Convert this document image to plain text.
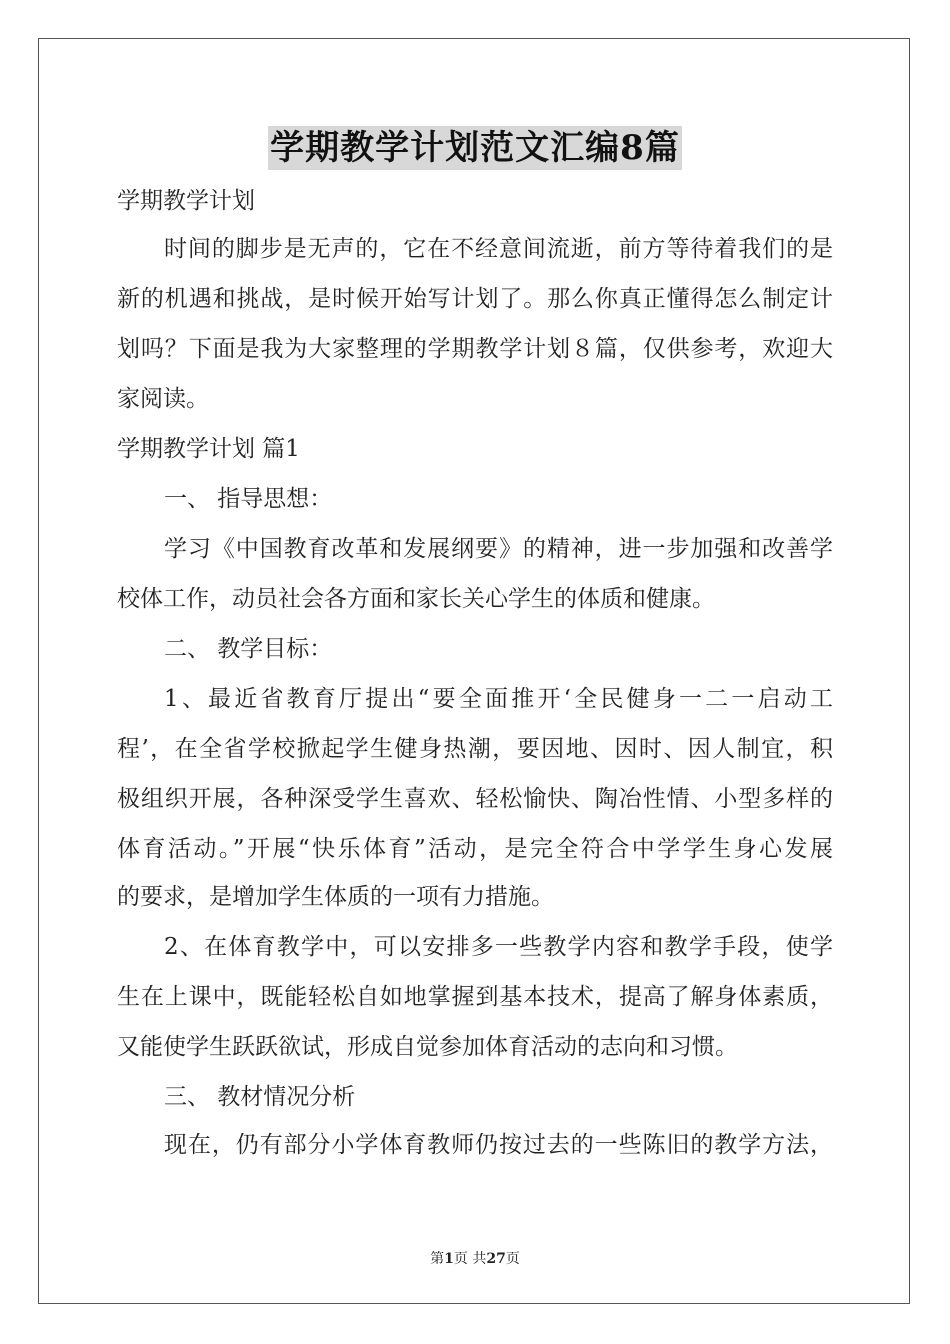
学期教学计划范文汇编8篇
学期教学计划
时间的脚步是无声的，它在不经意间流逝，前方等待着我们的是
新的机遇和挑战，是时候开始写计划了。那么你真正懂得怎么制定计
划吗？下面是我为大家整理的学期教学计划８篇，仅供参考，欢迎大
家阅读。
学期教学计划 篇1
一、 指导思想：
学习《中国教育改革和发展纲要》的精神，进一步加强和改善学
校体工作，动员社会各方面和家长关心学生的体质和健康。
二、 教学目标：
1、最近省教育厅提出“要全面推开‘全民健身一二一启动工
程’，在全省学校掀起学生健身热潮，要因地、因时、因人制宜，积
极组织开展，各种深受学生喜欢、轻松愉快、陶冶性情、小型多样的
体育活动。”开展“快乐体育”活动，是完全符合中学学生身心发展
的要求，是增加学生体质的一项有力措施。
2、在体育教学中，可以安排多一些教学内容和教学手段，使学
生在上课中，既能轻松自如地掌握到基本技术，提高了解身体素质，
又能使学生跃跃欲试，形成自觉参加体育活动的志向和习惯。
三、 教材情况分析
现在，仍有部分小学体育教师仍按过去的一些陈旧的教学方法，
第1页 共27页
